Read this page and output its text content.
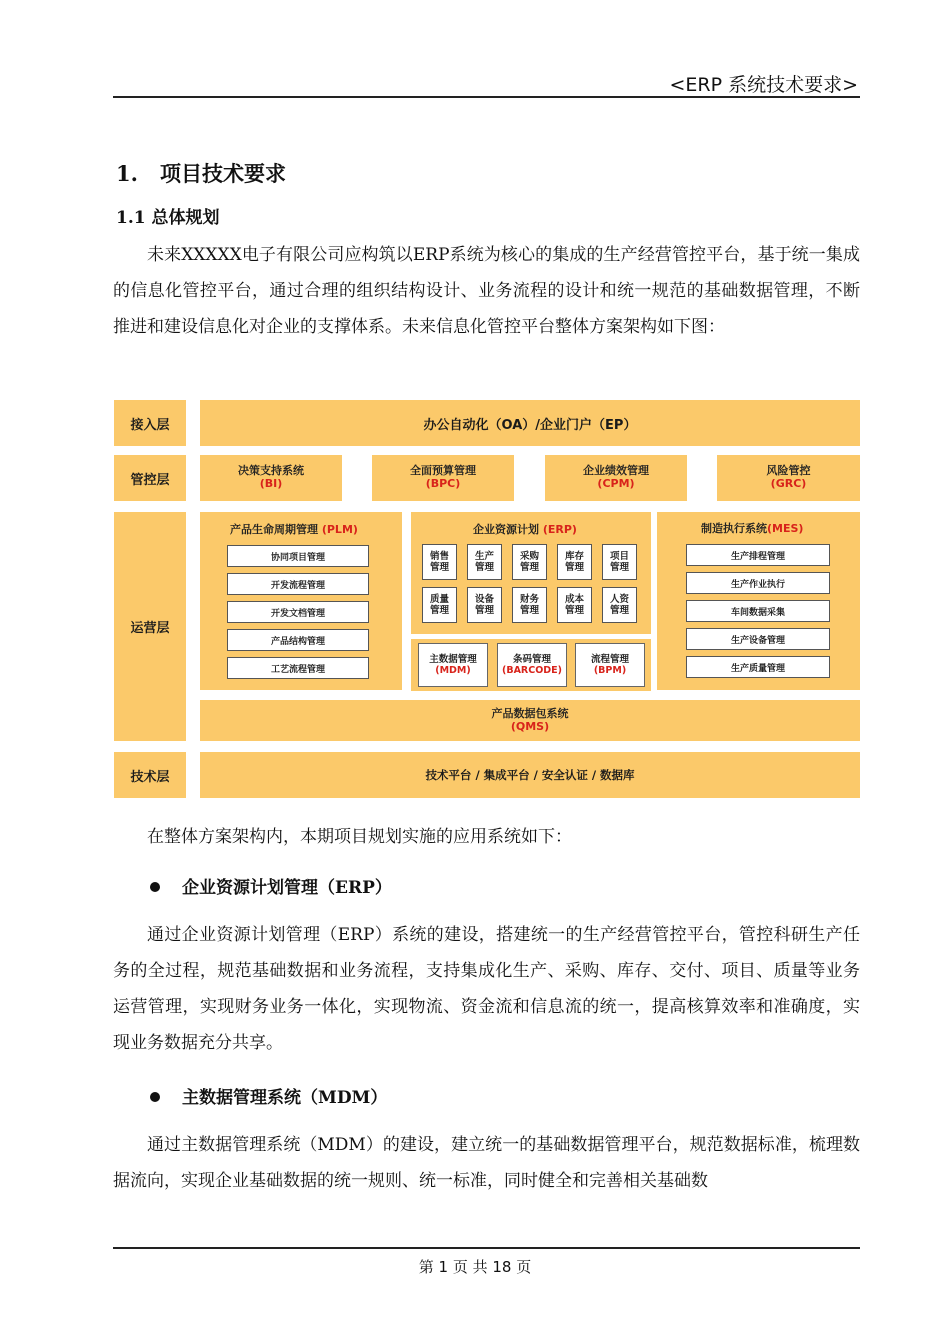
<ERP 系统技术要求>
1. 项目技术要求
1.1 总体规划

未来XXXXX电子有限公司应构筑以ERP系统为核心的集成的生产经营管控平台，基于统一集成的信息化管控平台，通过合理的组织结构设计、业务流程的设计和统一规范的基础数据管理，不断推进和建设信息化对企业的支撑体系。未来信息化管控平台整体方案架构如下图：

接入层
管控层
运营层
技术层
办公自动化（OA）/企业门户（EP）
决策支持系统
(BI)
全面预算管理
(BPC)
企业绩效管理
(CPM)
风险管控
(GRC)
产品生命周期管理 (PLM)
协同项目管理
开发流程管理
开发文档管理
产品结构管理
工艺流程管理
企业资源计划 (ERP)
销售管理
生产管理
采购管理
库存管理
项目管理
质量管理
设备管理
财务管理
成本管理
人资管理
主数据管理
(MDM)
条码管理
(BARCODE)
流程管理
(BPM)
制造执行系统(MES)
生产排程管理
生产作业执行
车间数据采集
生产设备管理
生产质量管理
产品数据包系统
(QMS)
技术平台 / 集成平台 / 安全认证 / 数据库

在整体方案架构内，本期项目规划实施的应用系统如下：

企业资源计划管理（ERP）

通过企业资源计划管理（ERP）系统的建设，搭建统一的生产经营管控平台，管控科研生产任务的全过程，规范基础数据和业务流程，支持集成化生产、采购、库存、交付、项目、质量等业务运营管理，实现财务业务一体化，实现物流、资金流和信息流的统一，提高核算效率和准确度，实现业务数据充分共享。

主数据管理系统（MDM）

通过主数据管理系统（MDM）的建设，建立统一的基础数据管理平台，规范数据标准，梳理数据流向，实现企业基础数据的统一规则、统一标准，同时健全和完善相关基础数

第 1 页 共 18 页
